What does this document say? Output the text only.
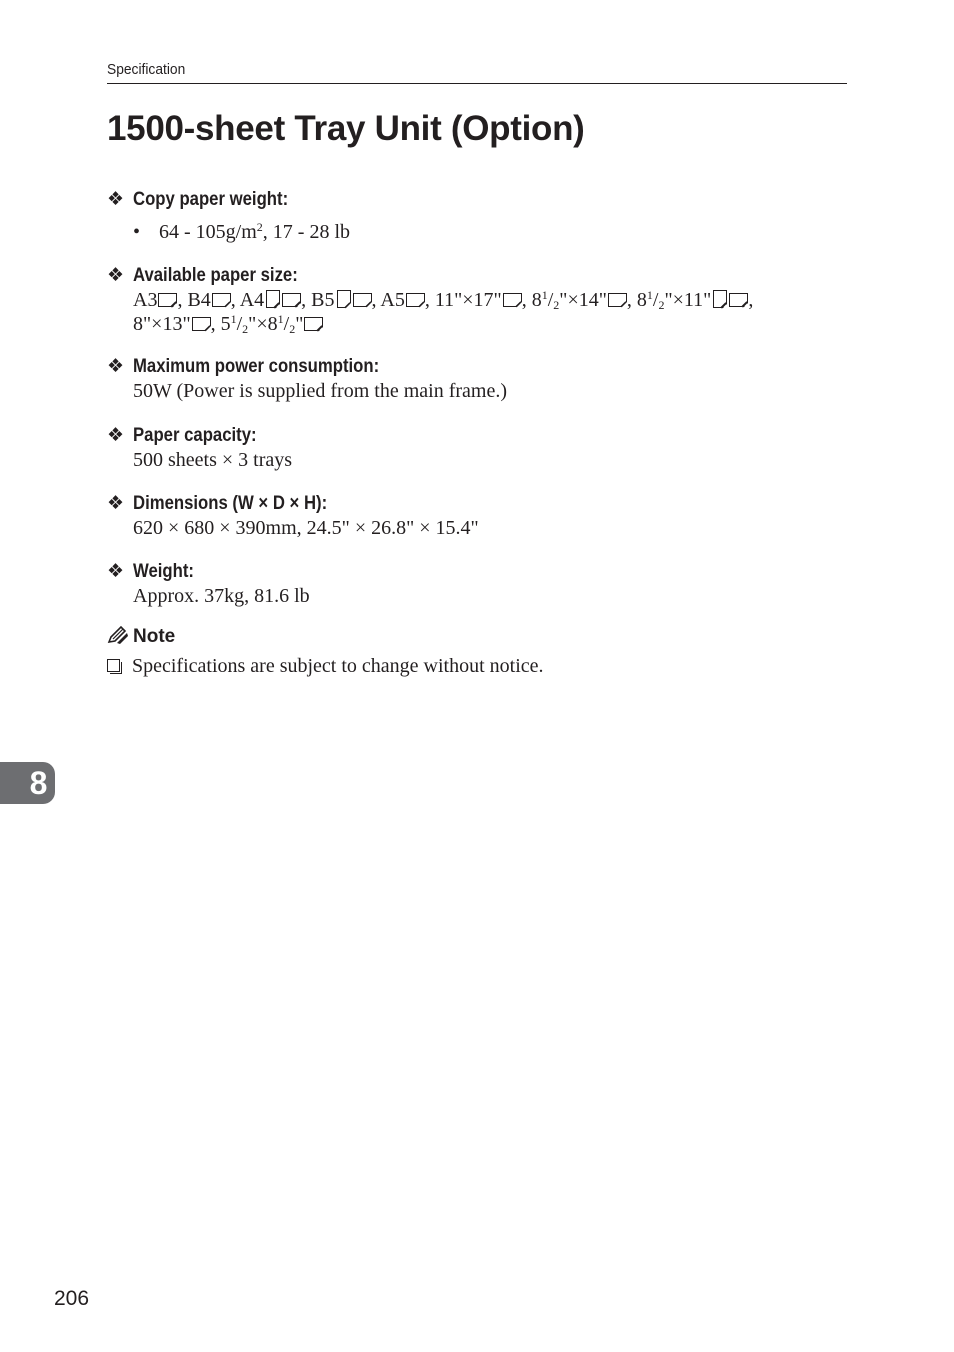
Specification
1500-sheet Tray Unit (Option)
❖ Copy paper weight:
• $64 - 105g/m^2$, 17 - 28 lb
❖ Available paper size:
A3 , B4 , A4 , B5 , A5 , 11"×17" , $8^1/_2"\times 14$" , $8^1/_2"\times 11$" ,
8"×13" , $5^1/_2"\times 8^1/_2$"
❖ Maximum power consumption:
50W (Power is supplied from the main frame.)
❖ Paper capacity:
500 sheets × 3 trays
❖ Dimensions (W × D × H):
620 × 680 × 390mm, 24.5" × 26.8" × 15.4"
❖ Weight:
Approx. 37kg, 81.6 lb
Note
Specifications are subject to change without notice.
8
206
